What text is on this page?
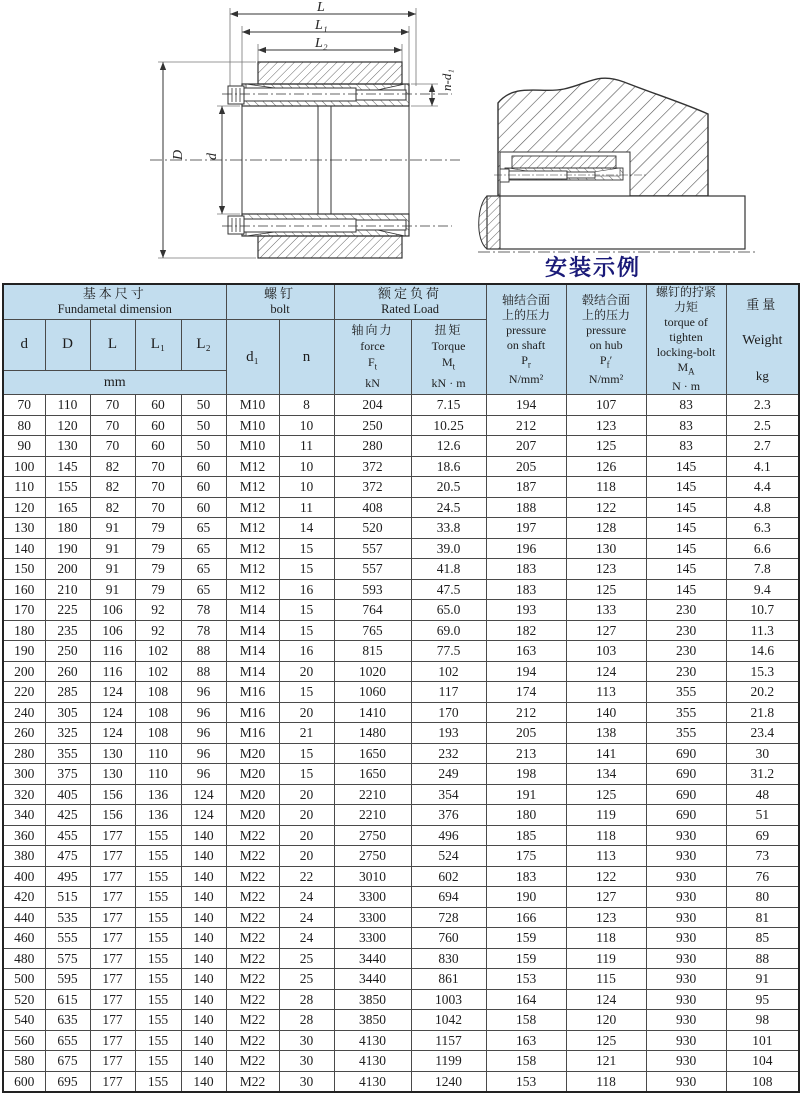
L
L₁
L₂
D d
n-d₁
安装示例
基本尺寸
Fundametal dimension

螺钉
bolt

额定负荷
Rated Load

轴结合面
上的压力
pressure
on shaft
$P_r$
N/mm²

毂结合面
上的压力
pressure
on hub
$P_f'$
N/mm²

螺钉的拧紧
力矩
torque of
tighten
locking-bolt
$M_A$
N · m

重量
Weight
kg

d	D	L	L₁	L₂	d₁	n	
轴向力
force
$F_t$
kN

扭矩
Torque
$M_t$
kN · m

mm												
70	110	70	60	50	M10	8	204	7.15	194	107	83	2.3
80	120	70	60	50	M10	10	250	10.25	212	123	83	2.5
90	130	70	60	50	M10	11	280	12.6	207	125	83	2.7
100	145	82	70	60	M12	10	372	18.6	205	126	145	4.1
110	155	82	70	60	M12	10	372	20.5	187	118	145	4.4
120	165	82	70	60	M12	11	408	24.5	188	122	145	4.8
130	180	91	79	65	M12	14	520	33.8	197	128	145	6.3
140	190	91	79	65	M12	15	557	39.0	196	130	145	6.6
150	200	91	79	65	M12	15	557	41.8	183	123	145	7.8
160	210	91	79	65	M12	16	593	47.5	183	125	145	9.4
170	225	106	92	78	M14	15	764	65.0	193	133	230	10.7
180	235	106	92	78	M14	15	765	69.0	182	127	230	11.3
190	250	116	102	88	M14	16	815	77.5	163	103	230	14.6
200	260	116	102	88	M14	20	1020	102	194	124	230	15.3
220	285	124	108	96	M16	15	1060	117	174	113	355	20.2
240	305	124	108	96	M16	20	1410	170	212	140	355	21.8
260	325	124	108	96	M16	21	1480	193	205	138	355	23.4
280	355	130	110	96	M20	15	1650	232	213	141	690	30
300	375	130	110	96	M20	15	1650	249	198	134	690	31.2
320	405	156	136	124	M20	20	2210	354	191	125	690	48
340	425	156	136	124	M20	20	2210	376	180	119	690	51
360	455	177	155	140	M22	20	2750	496	185	118	930	69
380	475	177	155	140	M22	20	2750	524	175	113	930	73
400	495	177	155	140	M22	22	3010	602	183	122	930	76
420	515	177	155	140	M22	24	3300	694	190	127	930	80
440	535	177	155	140	M22	24	3300	728	166	123	930	81
460	555	177	155	140	M22	24	3300	760	159	118	930	85
480	575	177	155	140	M22	25	3440	830	159	119	930	88
500	595	177	155	140	M22	25	3440	861	153	115	930	91
520	615	177	155	140	M22	28	3850	1003	164	124	930	95
540	635	177	155	140	M22	28	3850	1042	158	120	930	98
560	655	177	155	140	M22	30	4130	1157	163	125	930	101
580	675	177	155	140	M22	30	4130	1199	158	121	930	104
600	695	177	155	140	M22	30	4130	1240	153	118	930	108
